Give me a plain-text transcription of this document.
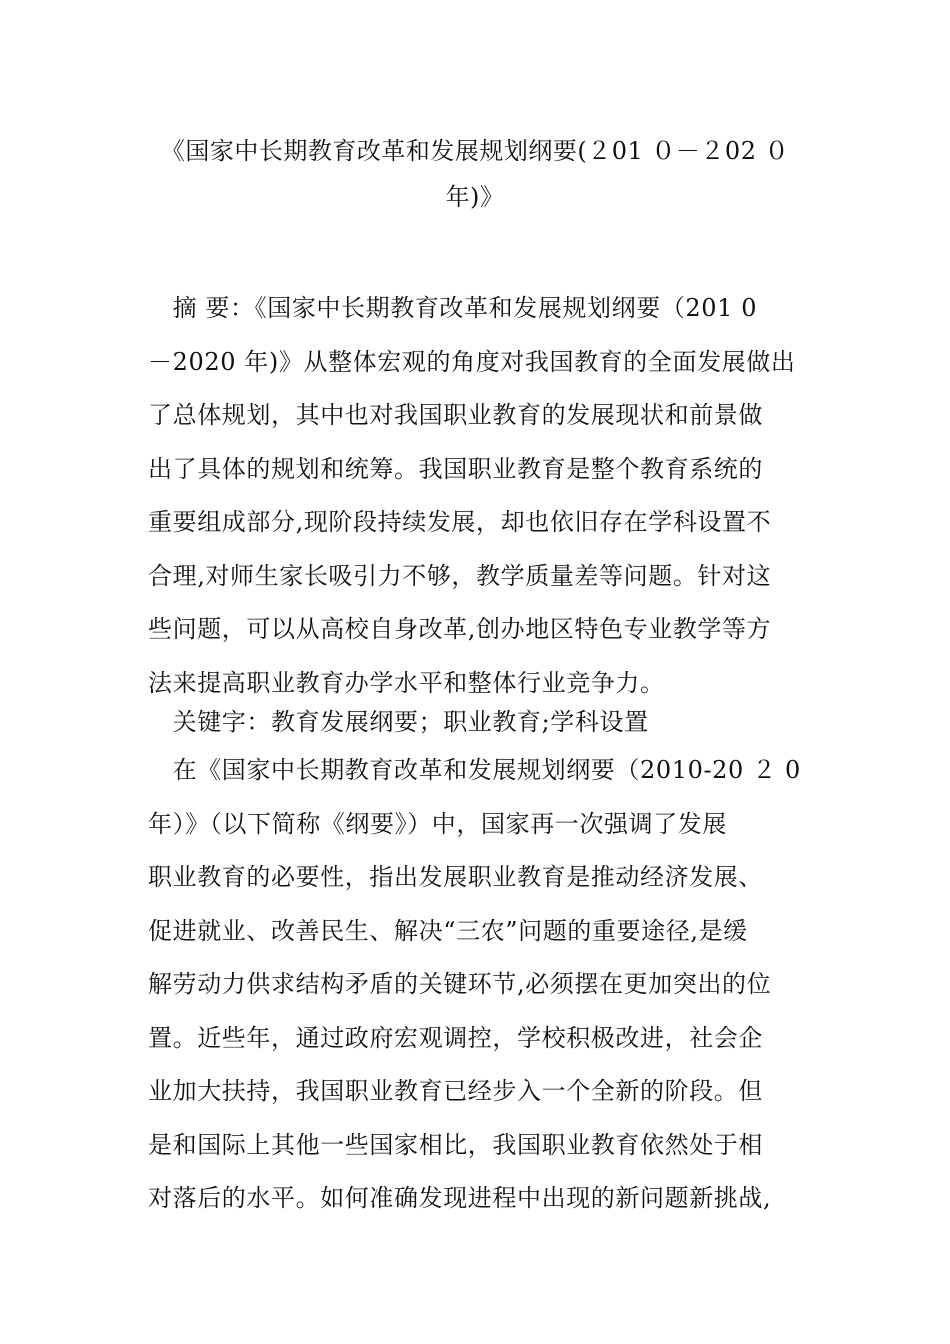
《国家中长期教育改革和发展规划纲要(２01 ０－２02 ０
年)》
　摘 要：《国家中长期教育改革和发展规划纲要（201 0
－2020 年)》从整体宏观的角度对我国教育的全面发展做出
了总体规划，其中也对我国职业教育的发展现状和前景做
出了具体的规划和统筹。我国职业教育是整个教育系统的
重要组成部分,现阶段持续发展，却也依旧存在学科设置不
合理,对师生家长吸引力不够，教学质量差等问题。针对这
些问题，可以从高校自身改革,创办地区特色专业教学等方
法来提高职业教育办学水平和整体行业竞争力。
　关键字：教育发展纲要；职业教育;学科设置
　在《国家中长期教育改革和发展规划纲要（2010-20 ２ 0
年）》（以下简称《纲要》）中，国家再一次强调了发展
职业教育的必要性，指出发展职业教育是推动经济发展、
促进就业、改善民生、解决“三农”问题的重要途径,是缓
解劳动力供求结构矛盾的关键环节,必须摆在更加突出的位
置。近些年，通过政府宏观调控，学校积极改进，社会企
业加大扶持，我国职业教育已经步入一个全新的阶段。但
是和国际上其他一些国家相比，我国职业教育依然处于相
对落后的水平。如何准确发现进程中出现的新问题新挑战,
